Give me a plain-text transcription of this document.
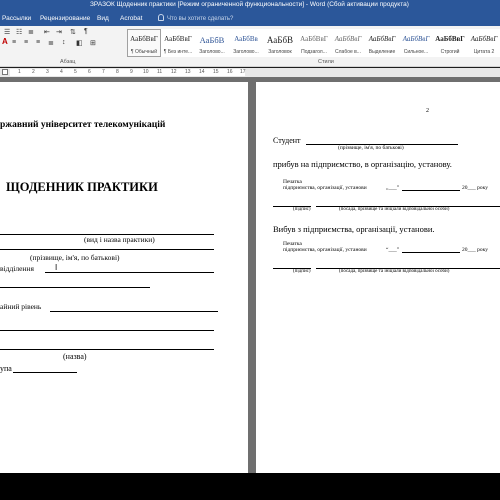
ЗРАЗОК Щоденник практики [Режим ограниченной функциональности] - Word (Сбой активации продукта)
Рассылки Рецензирование Вид Acrobat	Что вы хотите сделать?
☰ ☷ ≣ ⇤ ⇥ ⇅ ¶
A ≡ ≡ ≡ ≣ ↕ ◧ ⊞
Абзац
АаБбВвГ
¶ Обычный
АаБбВвГ
¶ Без инте...
АаБбВ
Заголово...
АаБбВв
Заголово...
АаБбВ
Заголовок
АаБбВвГ
Подзагол...
АаБбВвГ
Слабое в...
АаБбВвГ
Выделение
АаБбВвГ
Сильное...
АаБбВвГ
Строгий
АаБбВвГ
Цитата 2
Стили
1 2 3 4 5 6 7 8 9 10 11 12 13 14 15 16 17
ржавний університет телекомунікацій
ЩОДЕННИК ПРАКТИКИ
(вид і назва практики)
(прізвище, ім'я, по батькові)
відділення	I
айний рівень
(назва)
упа
2
Студент
(прізвище, ім'я, по батькові)
прибув на підприємство, в організацію, установу.
Печатка
підприємства, організації, установи	„___”	20___ року
(підпис)	(посада, прізвище та ініціали відповідальної особи)
Вибув з підприємства, організації, установи.
Печатка
підприємства, організації, установи	“___”	20___ року
(підпис)	(посада, прізвище та ініціали відповідальної особи)
